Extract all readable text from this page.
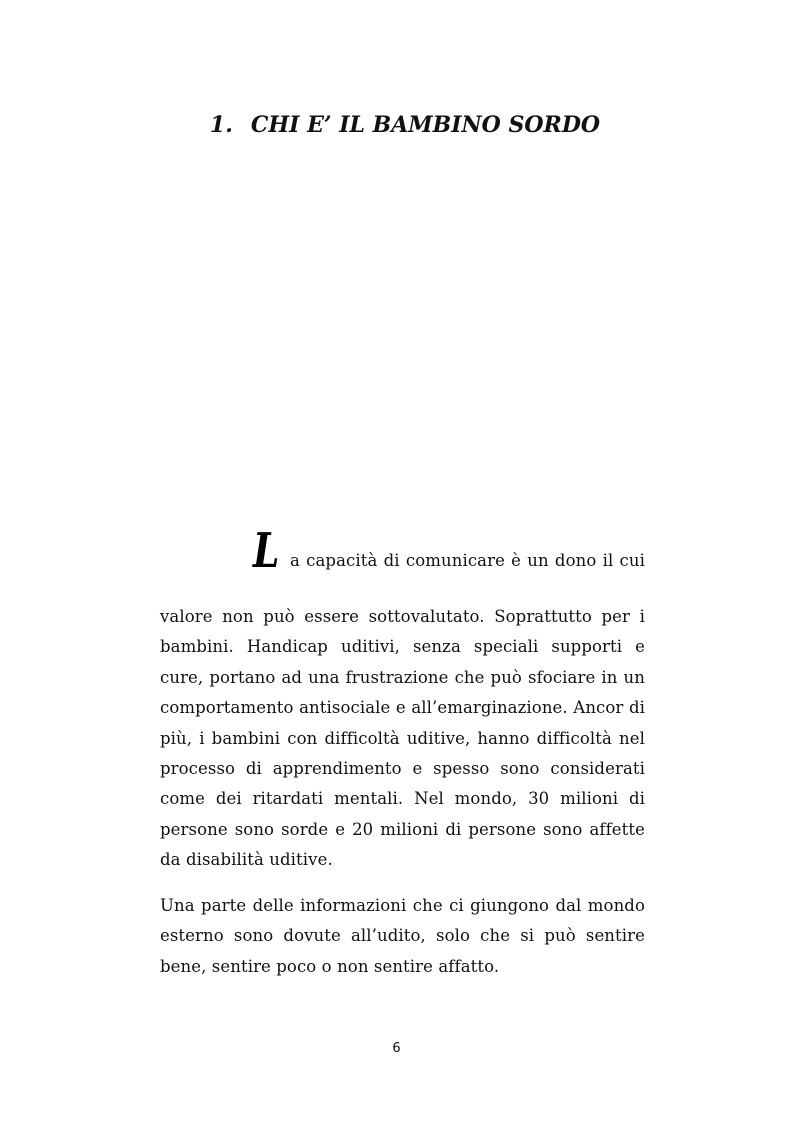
1. CHI E’ IL BAMBINO SORDO
L a capacità di comunicare è un dono il cui
valore non può essere sottovalutato. Soprattutto per i
bambini. Handicap uditivi, senza speciali supporti e
cure, portano ad una frustrazione che può sfociare in un
comportamento antisociale e all’emarginazione. Ancor di
più, i bambini con difficoltà uditive, hanno difficoltà nel
processo di apprendimento e spesso sono considerati
come dei ritardati mentali. Nel mondo, 30 milioni di
persone sono sorde e 20 milioni di persone sono affette
da disabilità uditive.
Una parte delle informazioni che ci giungono dal mondo
esterno sono dovute all’udito, solo che si può sentire
bene, sentire poco o non sentire affatto.
6
